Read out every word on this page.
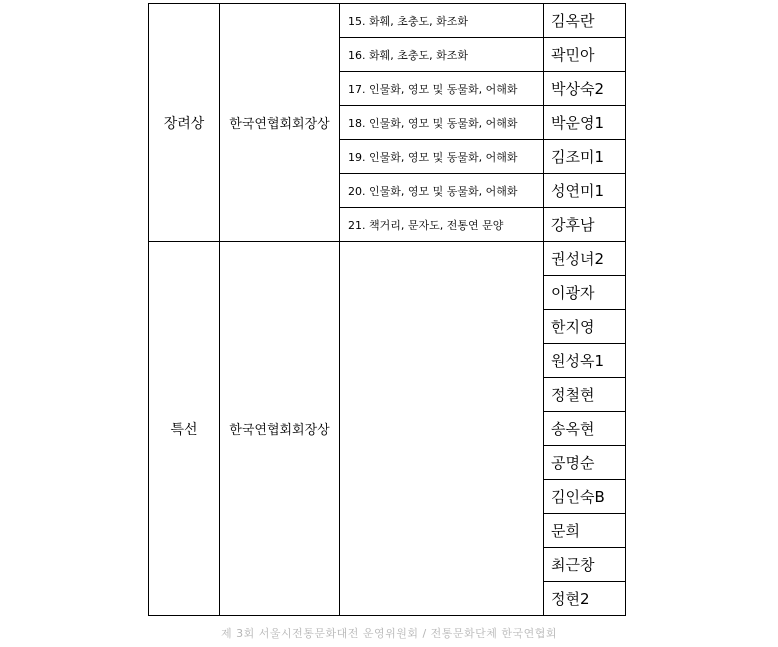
장려상	한국연협회회장상	15. 화훼, 초충도, 화조화	김옥란
		16. 화훼, 초충도, 화조화	곽민아
		17. 인물화, 영모 및 동물화, 어해화	박상숙2
		18. 인물화, 영모 및 동물화, 어해화	박운영1
		19. 인물화, 영모 및 동물화, 어해화	김조미1
		20. 인물화, 영모 및 동물화, 어해화	성연미1
		21. 책거리, 문자도, 전통연 문양	강후남
특선	한국연협회회장상		권성녀2
			이광자
			한지영
			원성옥1
			정철현
			송옥현
			공명순
			김인숙B
			문희
			최근창
			정현2
제 3회 서울시전통문화대전 운영위원회 / 전통문화단체 한국연협회
